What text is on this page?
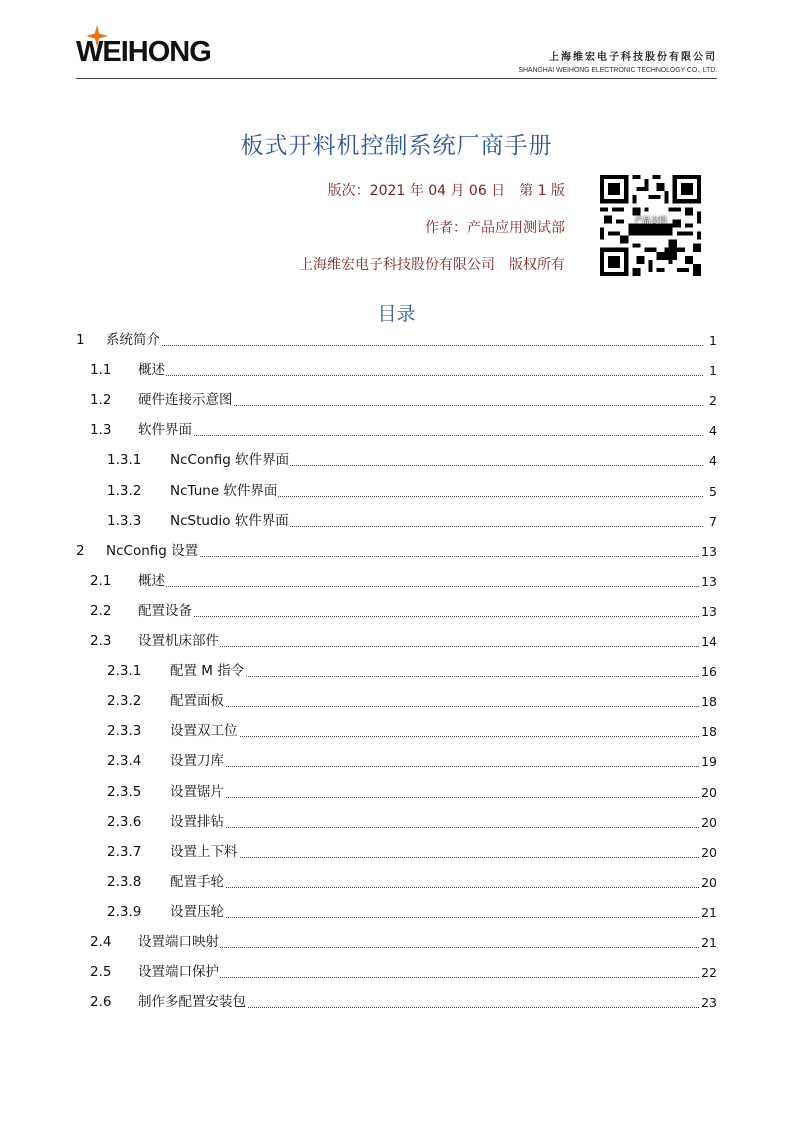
WEIHONG	上海维宏电子科技股份有限公司
SHANGHAI WEIHONG ELECTRONIC TECHNOLOGY CO., LTD.
板式开料机控制系统厂商手册
版次：2021 年 04 月 06 日　第 1 版
作者：产品应用测试部
上海维宏电子科技股份有限公司　版权所有
产品文档
目录
1 系统简介	1
1.1 概述	1
1.2 硬件连接示意图	2
1.3 软件界面	4
1.3.1 NcConfig 软件界面	4
1.3.2 NcTune 软件界面	5
1.3.3 NcStudio 软件界面	7
2 NcConfig 设置	13
2.1 概述	13
2.2 配置设备	13
2.3 设置机床部件	14
2.3.1 配置 M 指令	16
2.3.2 配置面板	18
2.3.3 设置双工位	18
2.3.4 设置刀库	19
2.3.5 设置锯片	20
2.3.6 设置排钻	20
2.3.7 设置上下料	20
2.3.8 配置手轮	20
2.3.9 设置压轮	21
2.4 设置端口映射	21
2.5 设置端口保护	22
2.6 制作多配置安装包	23
